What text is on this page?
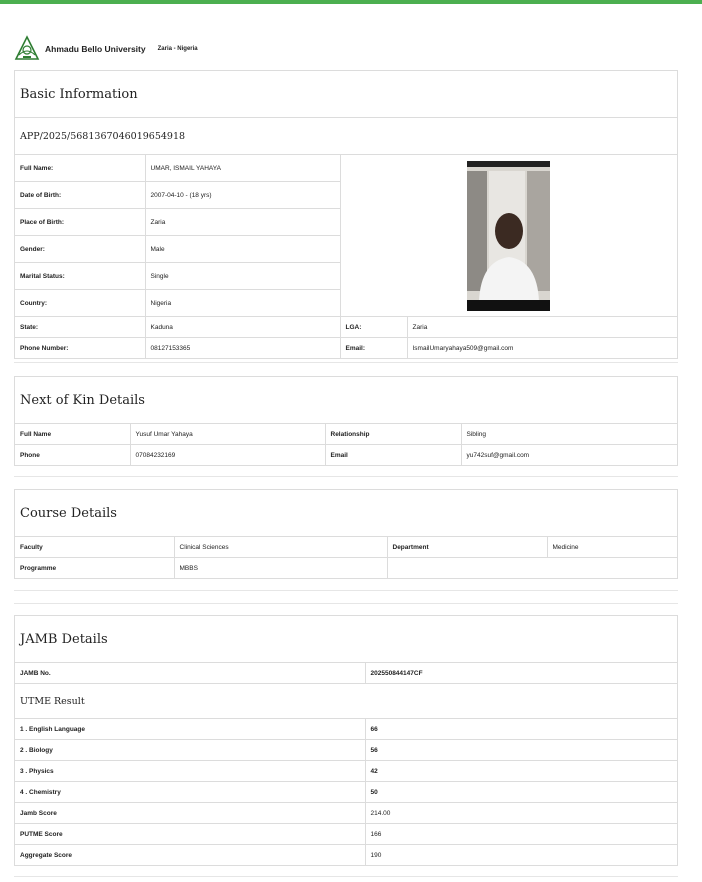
Ahmadu Bello University Zaria - Nigeria
Basic Information
APP/2025/5681367046019654918
Full Name:	UMAR, ISMAIL YAHAYA	

Date of Birth:	2007-04-10 - (18 yrs)		
Place of Birth:	Zaria		
Gender:	Male		
Marital Status:	Single		
Country:	Nigeria		
State:	Kaduna	LGA:	Zaria
Phone Number:	08127153365	Email:	IsmailUmaryahaya509@gmail.com
Next of Kin Details
Full Name	Yusuf Umar Yahaya	Relationship	Sibling
Phone	07084232169	Email	yu742suf@gmail.com
Course Details
Faculty	Clinical Sciences	Department	Medicine
Programme	MBBS		
JAMB Details
JAMB No.	202550844147CF
UTME Result
1 . English Language	66
2 . Biology	56
3 . Physics	42
4 . Chemistry	50
Jamb Score	214.00
PUTME Score	166
Aggregate Score	190
